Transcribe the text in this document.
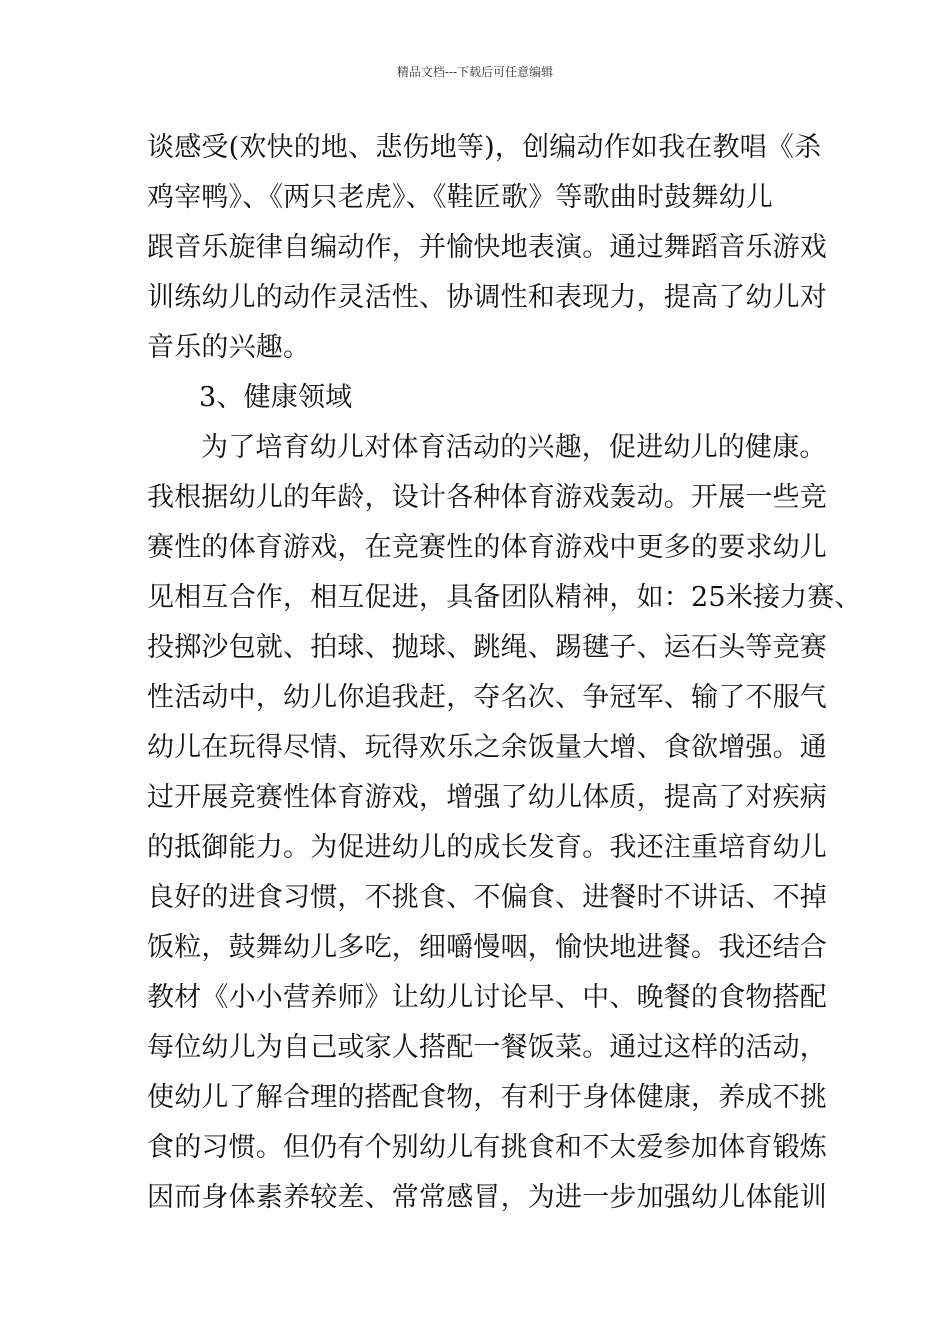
精品文档---下载后可任意编辑
谈感受(欢快的地、悲伤地等)，创编动作如我在教唱《杀
鸡宰鸭》、《两只老虎》、《鞋匠歌》等歌曲时鼓舞幼儿
跟音乐旋律自编动作，并愉快地表演。通过舞蹈音乐游戏
训练幼儿的动作灵活性、协调性和表现力，提高了幼儿对
音乐的兴趣。
3、健康领域
为了培育幼儿对体育活动的兴趣，促进幼儿的健康。
我根据幼儿的年龄，设计各种体育游戏轰动。开展一些竞
赛性的体育游戏，在竞赛性的体育游戏中更多的要求幼儿
见相互合作，相互促进，具备团队精神，如：25米接力赛、
投掷沙包就、拍球、抛球、跳绳、踢毽子、运石头等竞赛
性活动中，幼儿你追我赶，夺名次、争冠军、输了不服气
幼儿在玩得尽情、玩得欢乐之余饭量大增、食欲增强。通
过开展竞赛性体育游戏，增强了幼儿体质，提高了对疾病
的抵御能力。为促进幼儿的成长发育。我还注重培育幼儿
良好的进食习惯，不挑食、不偏食、进餐时不讲话、不掉
饭粒，鼓舞幼儿多吃，细嚼慢咽，愉快地进餐。我还结合
教材《小小营养师》让幼儿讨论早、中、晚餐的食物搭配
每位幼儿为自己或家人搭配一餐饭菜。通过这样的活动，
使幼儿了解合理的搭配食物，有利于身体健康，养成不挑
食的习惯。但仍有个别幼儿有挑食和不太爱参加体育锻炼
因而身体素养较差、常常感冒，为进一步加强幼儿体能训
